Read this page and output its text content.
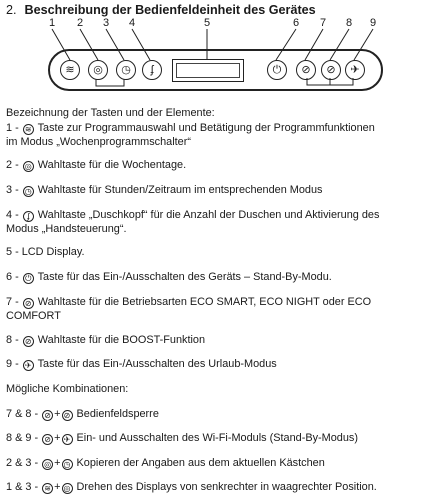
2. Beschreibung der Bedienfeldeinheit des Gerätes
1	2	3	4	5	6	7	8	9
≋ ◎ ◷ ʄ	⏻ ⊘ ⊘ ✈
Bezeichnung der Tasten und der Elemente:
1 - ≋ Taste zur Programmauswahl und Betätigung der Programmfunktionen
im Modus „Wochenprogrammschalter“
2 - ◎ Wahltaste für die Wochentage.
3 - ◷ Wahltaste für Stunden/Zeitraum im entsprechenden Modus
4 - ʄ Wahltaste „Duschkopf“ für die Anzahl der Duschen und Aktivierung des
Modus „Handsteuerung“.
5 - LCD Display.
6 - ⏻ Taste für das Ein-/Ausschalten des Geräts – Stand-By-Modu.
7 - ⊘ Wahltaste für die Betriebsarten ECO SMART, ECO NIGHT oder ECO
COMFORT
8 - ⊘ Wahltaste für die BOOST-Funktion
9 - ✈ Taste für das Ein-/Ausschalten des Urlaub-Modus
Mögliche Kombinationen:
7 & 8 - ⊘ + ⊘ Bedienfeldsperre
8 & 9 - ⊘ + ✈ Ein- und Ausschalten des Wi-Fi-Moduls (Stand-By-Modus)
2 & 3 - ◎ + ◷ Kopieren der Angaben aus dem aktuellen Kästchen
1 & 3 - ≋ + ◎ Drehen des Displays von senkrechter in waagrechter Position.
